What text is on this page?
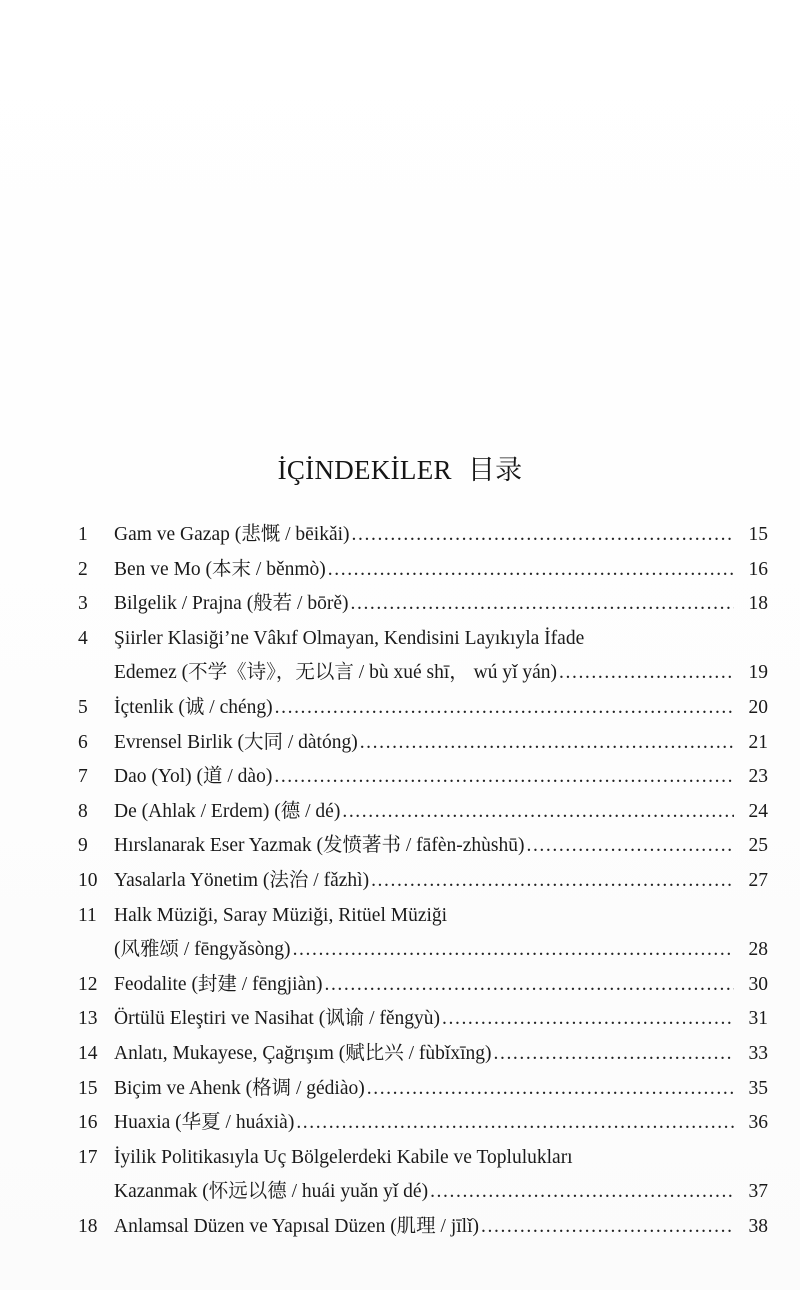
İÇİNDEKİLER 目录
1	Gam ve Gazap (悲慨 / bēikǎi) .....	15
2	Ben ve Mo (本末 / běnmò) .....	16
3	Bilgelik / Prajna (般若 / bōrě) .....	18
4	Şiirler Klasiği’ne Vâkıf Olmayan, Kendisini Layıkıyla İfade
Edemez (不学《诗》，无以言 / bù xué shī， wú yǐ yán) .....	19
5	İçtenlik (诚 / chéng) .....	20
6	Evrensel Birlik (大同 / dàtóng) .....	21
7	Dao (Yol) (道 / dào) .....	23
8	De (Ahlak / Erdem) (德 / dé) .....	24
9	Hırslanarak Eser Yazmak (发愤著书 / fāfèn-zhùshū) .....	25
10 Yasalarla Yönetim (法治 / fǎzhì) .....	27
11 Halk Müziği, Saray Müziği, Ritüel Müziği
(风雅颂 / fēngyǎsòng) .....	28
12 Feodalite (封建 / fēngjiàn) .....	30
13 Örtülü Eleştiri ve Nasihat (讽谕 / fěngyù) .....	31
14 Anlatı, Mukayese, Çağrışım (赋比兴 / fùbǐxīng) .....	33
15 Biçim ve Ahenk (格调 / gédiào) .....	35
16 Huaxia (华夏 / huáxià) .....	36
17 İyilik Politikasıyla Uç Bölgelerdeki Kabile ve Toplulukları
Kazanmak (怀远以德 / huái yuǎn yǐ dé) .....	37
18 Anlamsal Düzen ve Yapısal Düzen (肌理 / jīlǐ) .....	38
